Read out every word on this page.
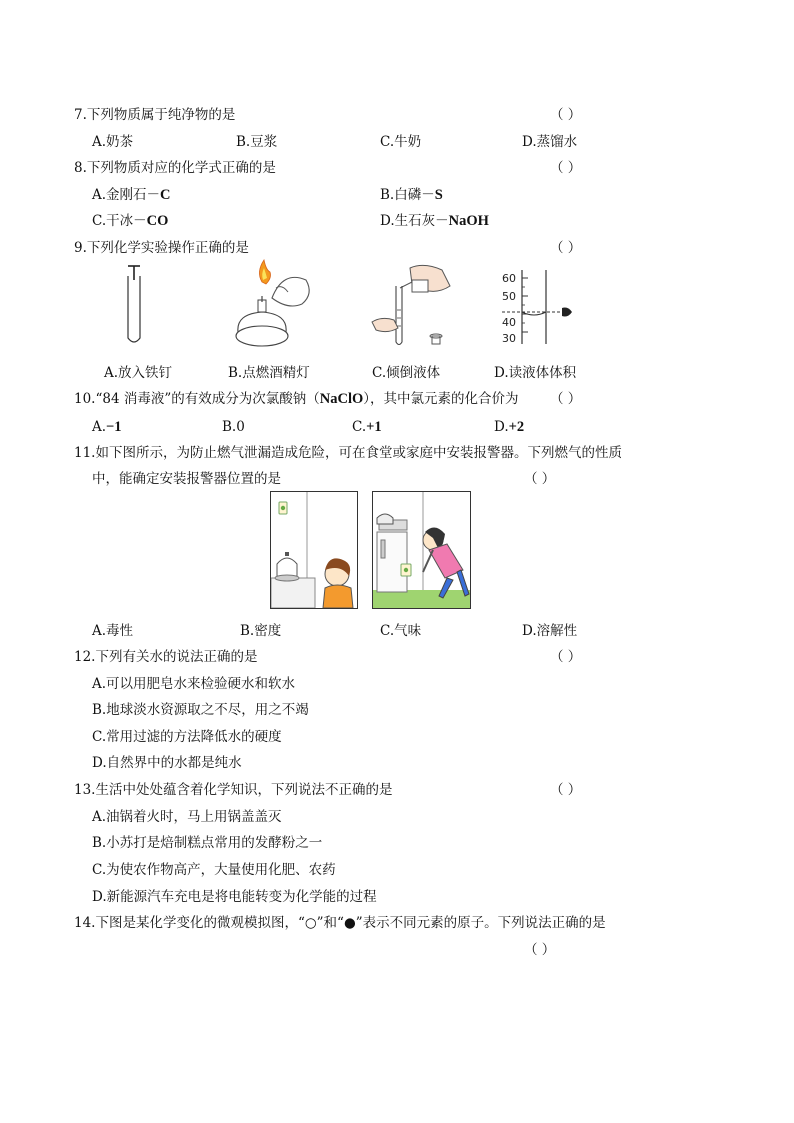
7.下列物质属于纯净物的是	（ ）
A.奶茶	B.豆浆	C.牛奶	D.蒸馏水
8.下列物质对应的化学式正确的是	（ ）
A.金刚石－C	B.白磷－S
C.干冰－CO	D.生石灰－NaOH
9.下列化学实验操作正确的是	（ ）
60
50
40
30
A.放入铁钉	B.点燃酒精灯	C.倾倒液体	D.读液体体积
10.“84 消毒液”的有效成分为次氯酸钠（NaClO），其中氯元素的化合价为 （ ）
A.−1	B.0	C.+1	D.+2
11.如下图所示，为防止燃气泄漏造成危险，可在食堂或家庭中安装报警器。下列燃气的性质
中，能确定安装报警器位置的是	（ ）
A.毒性	B.密度	C.气味	D.溶解性
12.下列有关水的说法正确的是	（ ）
A.可以用肥皂水来检验硬水和软水
B.地球淡水资源取之不尽，用之不竭
C.常用过滤的方法降低水的硬度
D.自然界中的水都是纯水
13.生活中处处蕴含着化学知识，下列说法不正确的是	（ ）
A.油锅着火时，马上用锅盖盖灭
B.小苏打是焙制糕点常用的发酵粉之一
C.为使农作物高产，大量使用化肥、农药
D.新能源汽车充电是将电能转变为化学能的过程
14.下图是某化学变化的微观模拟图，“○”和“●”表示不同元素的原子。下列说法正确的是
（ ）
